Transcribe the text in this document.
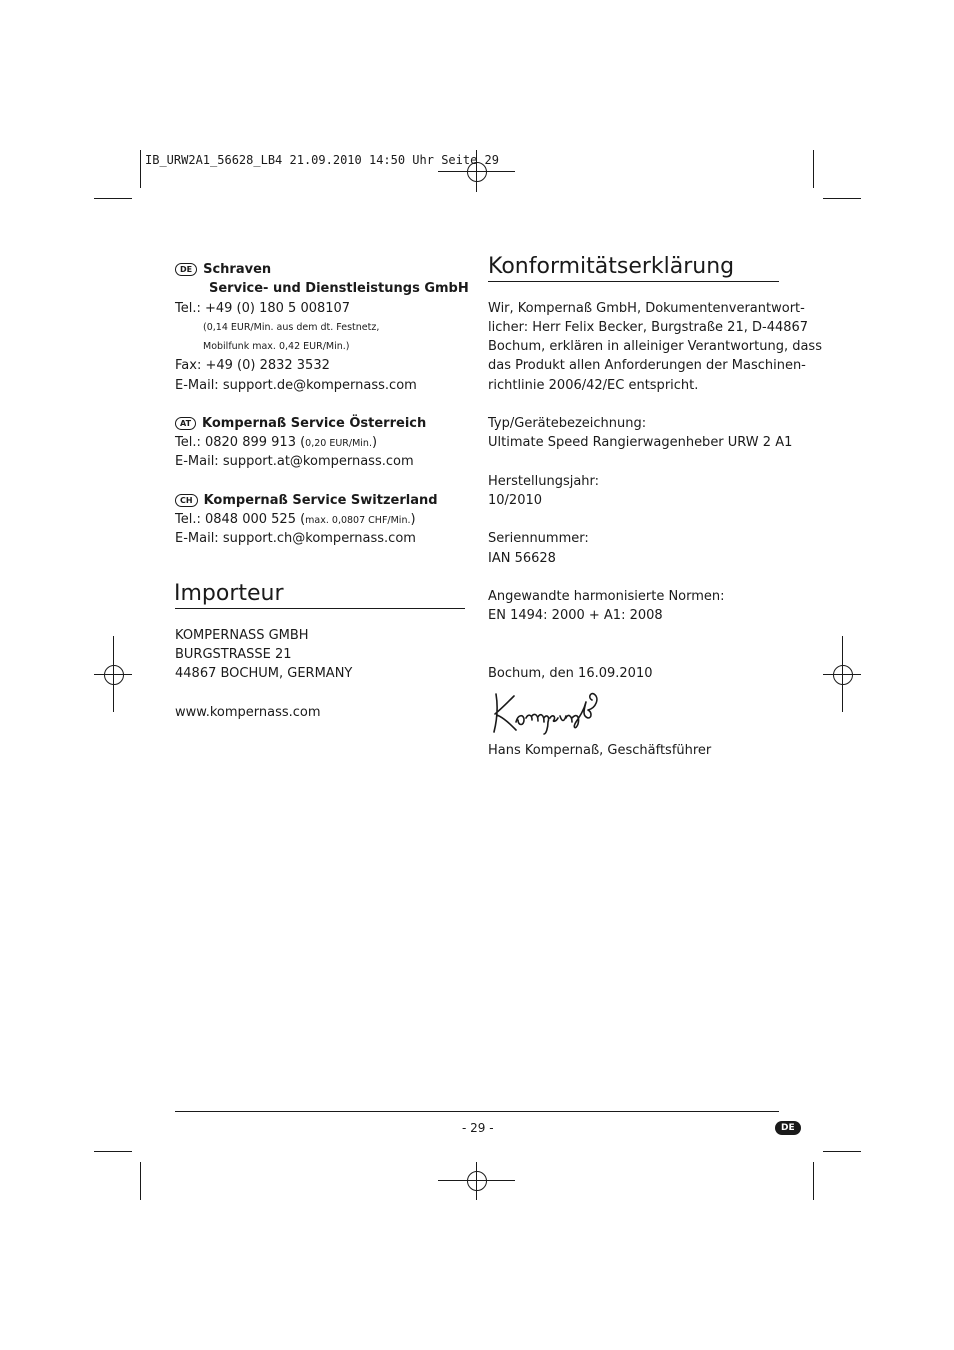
IB_URW2A1_56628_LB4 21.09.2010 14:50 Uhr Seite 29
DE Schraven
Service- und Dienstleistungs GmbH
Tel.: +49 (0) 180 5 008107
(0,14 EUR/Min. aus dem dt. Festnetz,
Mobilfunk max. 0,42 EUR/Min.)
Fax: +49 (0) 2832 3532
E-Mail: support.de@kompernass.com
AT Kompernaß Service Österreich
Tel.: 0820 899 913 (0,20 EUR/Min.)
E-Mail: support.at@kompernass.com
CH Kompernaß Service Switzerland
Tel.: 0848 000 525 (max. 0,0807 CHF/Min.)
E-Mail: support.ch@kompernass.com
Importeur
KOMPERNASS GMBH
BURGSTRASSE 21
44867 BOCHUM, GERMANY
www.kompernass.com
Konformitätserklärung
Wir, Kompernaß GmbH, Dokumentenverantwort-
licher: Herr Felix Becker, Burgstraße 21, D-44867
Bochum, erklären in alleiniger Verantwortung, dass
das Produkt allen Anforderungen der Maschinen-
richtlinie 2006/42/EC entspricht.
Typ/Gerätebezeichnung:
Ultimate Speed Rangierwagenheber URW 2 A1
Herstellungsjahr:
10/2010
Seriennummer:
IAN 56628
Angewandte harmonisierte Normen:
EN 1494: 2000 + A1: 2008
Bochum, den 16.09.2010
Hans Kompernaß, Geschäftsführer
- 29 -	DE
